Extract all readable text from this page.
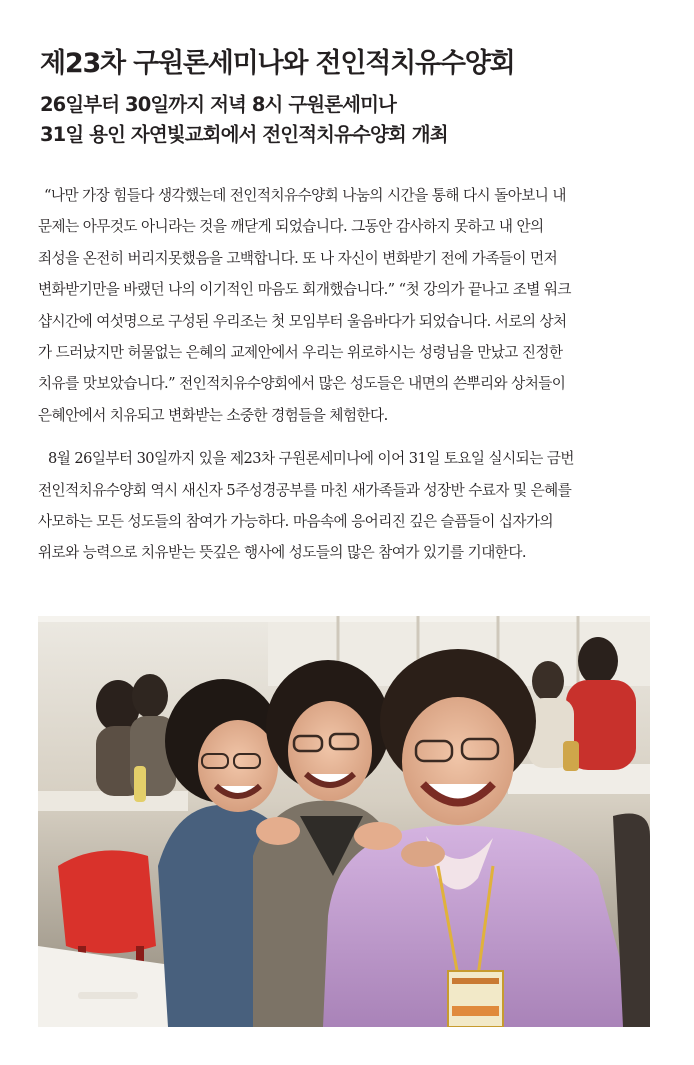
제23차 구원론세미나와 전인적치유수양회

26일부터 30일까지 저녁 8시 구원론세미나

31일 용인 자연빛교회에서 전인적치유수양회 개최

“나만 가장 힘들다 생각했는데 전인적치유수양회 나눔의 시간을 통해 다시 돌아보니 내
문제는 아무것도 아니라는 것을 깨닫게 되었습니다. 그동안 감사하지 못하고 내 안의
죄성을 온전히 버리지못했음을 고백합니다. 또 나 자신이 변화받기 전에 가족들이 먼저
변화받기만을 바랬던 나의 이기적인 마음도 회개했습니다.” “첫 강의가 끝나고 조별 워크
샵시간에 여섯명으로 구성된 우리조는 첫 모임부터 울음바다가 되었습니다. 서로의 상처
가 드러났지만 허물없는 은혜의 교제안에서 우리는 위로하시는 성령님을 만났고 진정한
치유를 맛보았습니다.” 전인적치유수양회에서 많은 성도들은 내면의 쓴뿌리와 상처들이
은혜안에서 치유되고 변화받는 소중한 경험들을 체험한다.
8월 26일부터 30일까지 있을 제23차 구원론세미나에 이어 31일 토요일 실시되는 금번
전인적치유수양회 역시 새신자 5주성경공부를 마친 새가족들과 성장반 수료자 및 은혜를
사모하는 모든 성도들의 참여가 가능하다. 마음속에 응어리진 깊은 슬픔들이 십자가의
위로와 능력으로 치유받는 뜻깊은 행사에 성도들의 많은 참여가 있기를 기대한다.
